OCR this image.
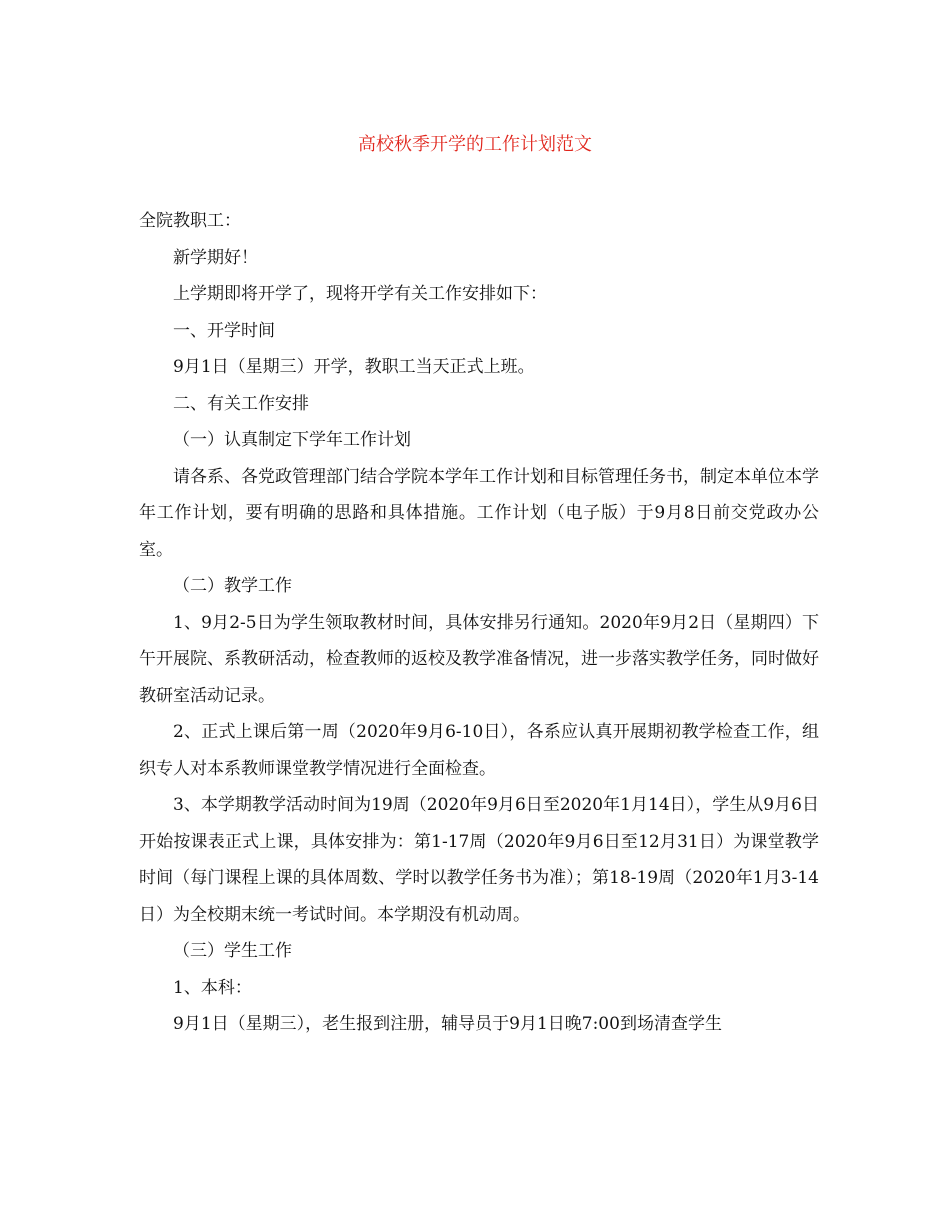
高校秋季开学的工作计划范文

全院教职工：

新学期好！

上学期即将开学了，现将开学有关工作安排如下：

一、开学时间

9月1日（星期三）开学，教职工当天正式上班。

二、有关工作安排

（一）认真制定下学年工作计划

请各系、各党政管理部门结合学院本学年工作计划和目标管理任务书，制定本单位本学年工作计划，要有明确的思路和具体措施。工作计划（电子版）于9月8日前交党政办公室。

（二）教学工作

1、9月2-5日为学生领取教材时间，具体安排另行通知。2020年9月2日（星期四）下午开展院、系教研活动，检查教师的返校及教学准备情况，进一步落实教学任务，同时做好教研室活动记录。

2、正式上课后第一周（2020年9月6-10日），各系应认真开展期初教学检查工作，组织专人对本系教师课堂教学情况进行全面检查。

3、本学期教学活动时间为19周（2020年9月6日至2020年1月14日），学生从9月6日开始按课表正式上课，具体安排为：第1-17周（2020年9月6日至12月31日）为课堂教学时间（每门课程上课的具体周数、学时以教学任务书为准）；第18-19周（2020年1月3-14日）为全校期末统一考试时间。本学期没有机动周。

（三）学生工作

1、本科：

9月1日（星期三），老生报到注册，辅导员于9月1日晚7:00到场清查学生
